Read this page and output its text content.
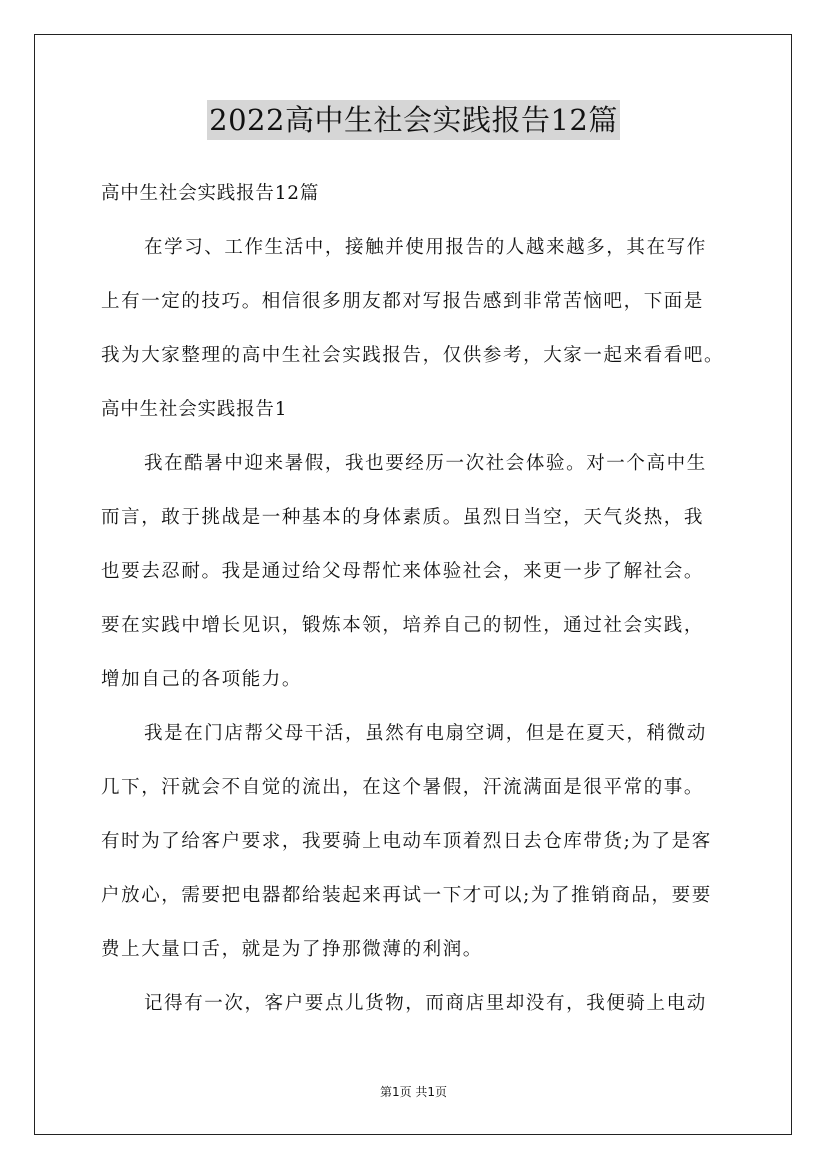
2022高中生社会实践报告12篇
高中生社会实践报告12篇
在学习、工作生活中，接触并使用报告的人越来越多，其在写作
上有一定的技巧。相信很多朋友都对写报告感到非常苦恼吧，下面是
我为大家整理的高中生社会实践报告，仅供参考，大家一起来看看吧。
高中生社会实践报告1
我在酷暑中迎来暑假，我也要经历一次社会体验。对一个高中生
而言，敢于挑战是一种基本的身体素质。虽烈日当空，天气炎热，我
也要去忍耐。我是通过给父母帮忙来体验社会，来更一步了解社会。
要在实践中增长见识，锻炼本领，培养自己的韧性，通过社会实践，
增加自己的各项能力。
我是在门店帮父母干活，虽然有电扇空调，但是在夏天，稍微动
几下，汗就会不自觉的流出，在这个暑假，汗流满面是很平常的事。
有时为了给客户要求，我要骑上电动车顶着烈日去仓库带货;为了是客
户放心，需要把电器都给装起来再试一下才可以;为了推销商品，要要
费上大量口舌，就是为了挣那微薄的利润。
记得有一次，客户要点儿货物，而商店里却没有，我便骑上电动
第1页 共1页
